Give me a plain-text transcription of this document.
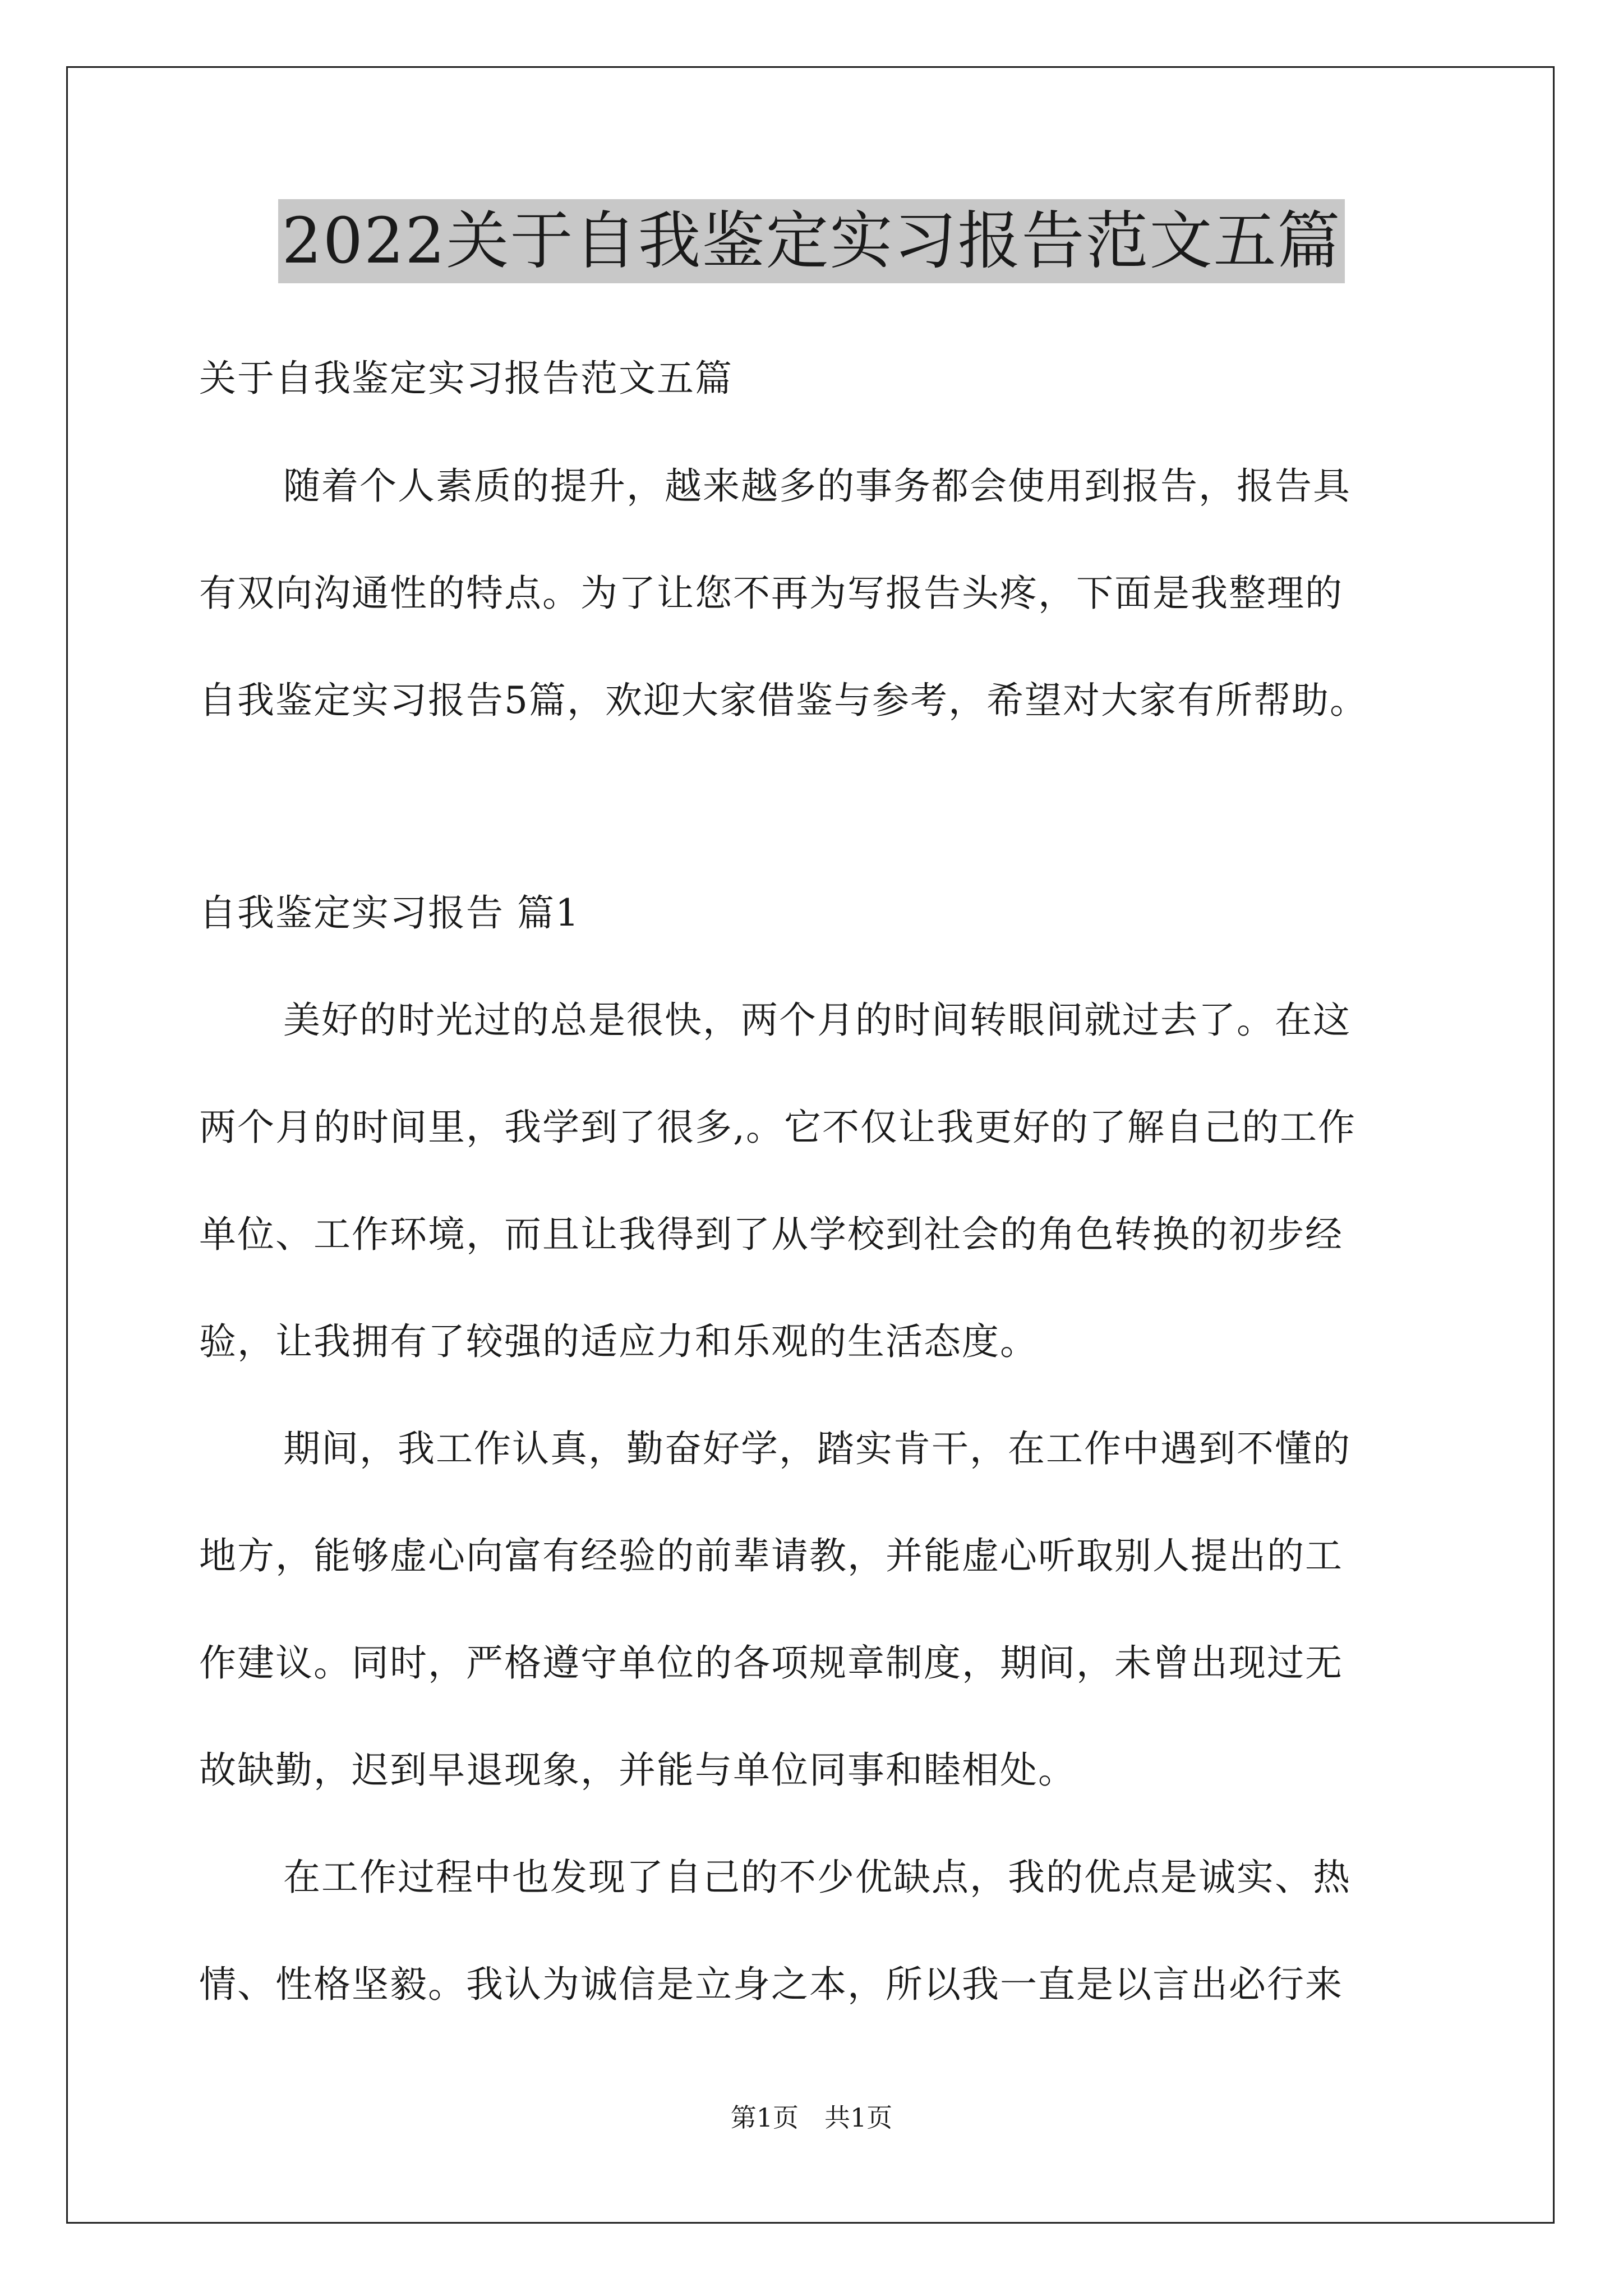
2022关于自我鉴定实习报告范文五篇
关于自我鉴定实习报告范文五篇
随着个人素质的提升，越来越多的事务都会使用到报告，报告具
有双向沟通性的特点。为了让您不再为写报告头疼，下面是我整理的
自我鉴定实习报告5篇，欢迎大家借鉴与参考，希望对大家有所帮助。
自我鉴定实习报告 篇1
美好的时光过的总是很快，两个月的时间转眼间就过去了。在这
两个月的时间里，我学到了很多,。它不仅让我更好的了解自己的工作
单位、工作环境，而且让我得到了从学校到社会的角色转换的初步经
验，让我拥有了较强的适应力和乐观的生活态度。
期间，我工作认真，勤奋好学，踏实肯干，在工作中遇到不懂的
地方，能够虚心向富有经验的前辈请教，并能虚心听取别人提出的工
作建议。同时，严格遵守单位的各项规章制度，期间，未曾出现过无
故缺勤，迟到早退现象，并能与单位同事和睦相处。
在工作过程中也发现了自己的不少优缺点，我的优点是诚实、热
情、性格坚毅。我认为诚信是立身之本，所以我一直是以言出必行来
第1页　共1页
